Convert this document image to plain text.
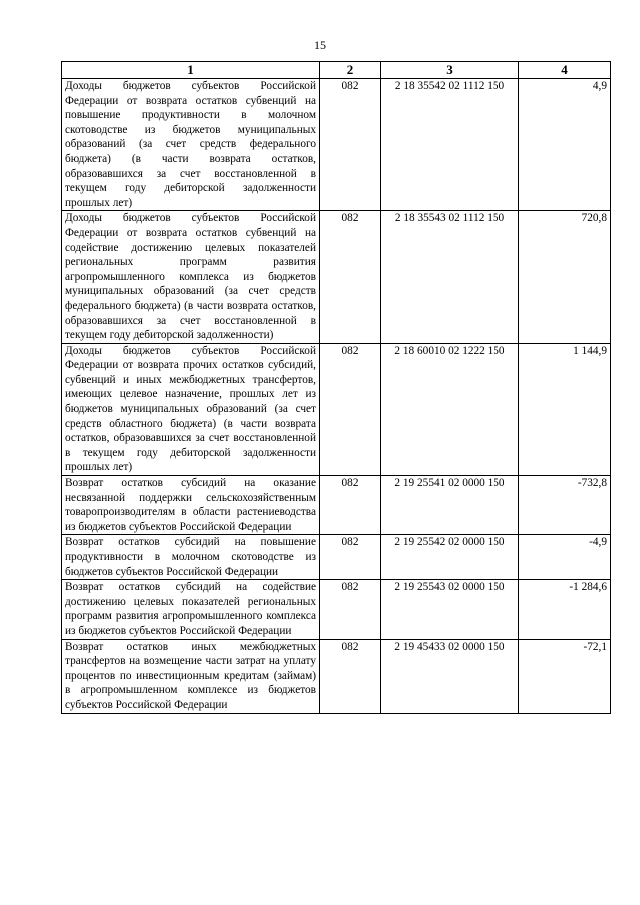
15
1	2	3	4
Доходы бюджетов субъектов Российской Федерации от возврата остатков субвенций на повышение продуктивности в молочном скотоводстве из бюджетов муниципальных образований (за счет средств федерального бюджета) (в части возврата остатков, образовавшихся за счет восстановленной в текущем году дебиторской задолженности прошлых лет)	082	2 18 35542 02 1112 150	4,9
Доходы бюджетов субъектов Российской Федерации от возврата остатков субвенций на содействие достижению целевых показателей региональных программ развития агропромышленного комплекса из бюджетов муниципальных образований (за счет средств федерального бюджета) (в части возврата остатков, образовавшихся за счет восстановленной в текущем году дебиторской задолженности)	082	2 18 35543 02 1112 150	720,8
Доходы бюджетов субъектов Российской Федерации от возврата прочих остатков субсидий, субвенций и иных межбюджетных трансфертов, имеющих целевое назначение, прошлых лет из бюджетов муниципальных образований (за счет средств областного бюджета) (в части возврата остатков, образовавшихся за счет восстановленной в текущем году дебиторской задолженности прошлых лет)	082	2 18 60010 02 1222 150	1 144,9
Возврат остатков субсидий на оказание несвязанной поддержки сельскохозяйственным товаропроизводителям в области растениеводства из бюджетов субъектов Российской Федерации	082	2 19 25541 02 0000 150	-732,8
Возврат остатков субсидий на повышение продуктивности в молочном скотоводстве из бюджетов субъектов Российской Федерации	082	2 19 25542 02 0000 150	-4,9
Возврат остатков субсидий на содействие достижению целевых показателей региональных программ развития агропромышленного комплекса из бюджетов субъектов Российской Федерации	082	2 19 25543 02 0000 150	-1 284,6
Возврат остатков иных межбюджетных трансфертов на возмещение части затрат на уплату процентов по инвестиционным кредитам (займам) в агропромышленном комплексе из бюджетов субъектов Российской Федерации	082	2 19 45433 02 0000 150	-72,1
